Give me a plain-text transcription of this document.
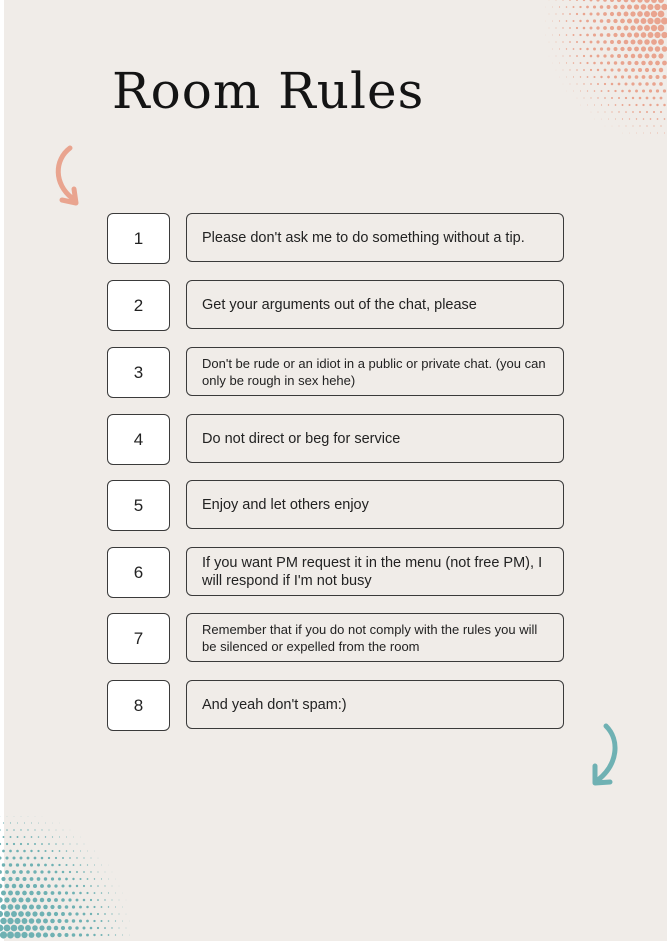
Room Rules
1	Please don't ask me to do something without a tip.
2	Get your arguments out of the chat, please
3	Don't be rude or an idiot in a public or private chat. (you can only be rough in sex hehe)
4	Do not direct or beg for service
5	Enjoy and let others enjoy
6	If you want PM request it in the menu (not free PM), I will respond if I'm not busy
7	Remember that if you do not comply with the rules you will be silenced or expelled from the room
8	And yeah don't spam:)
